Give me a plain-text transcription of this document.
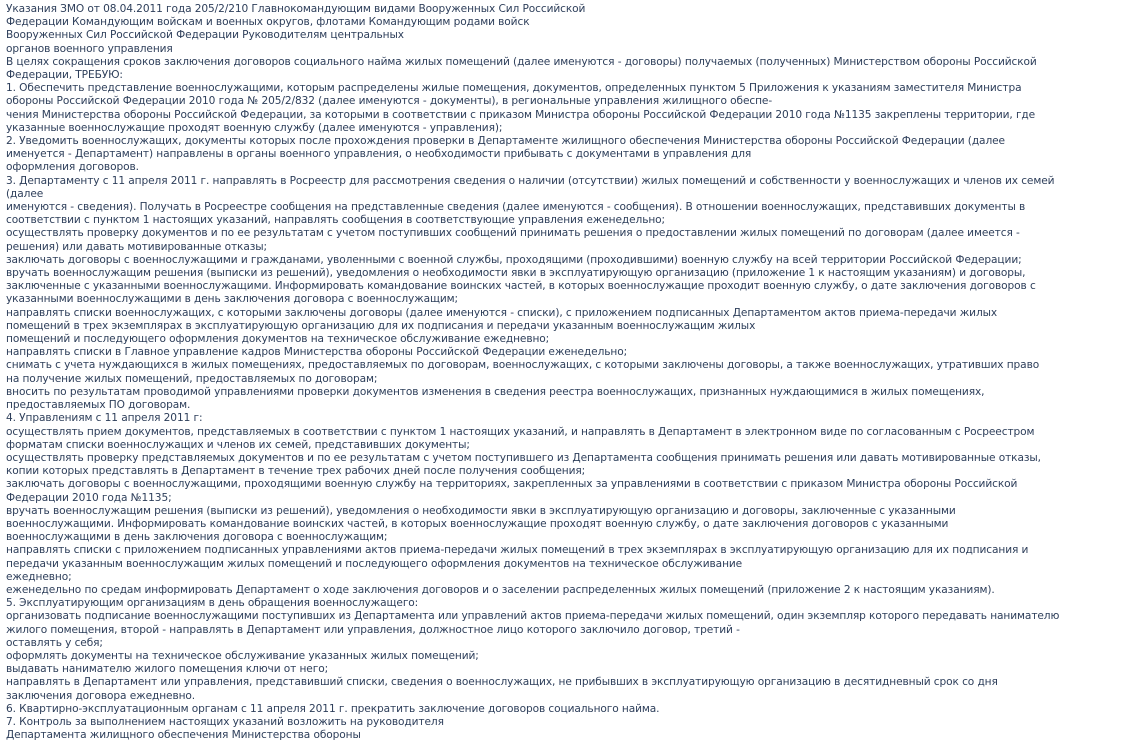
Указания ЗМО от 08.04.2011 года 205/2/210 Главнокомандующим видами Вооруженных Сил Российской
Федерации Командующим войскам и военных округов, флотами Командующим родами войск
Вооруженных Сил Российской Федерации Руководителям центральных
органов военного управления
В целях сокращения сроков заключения договоров социального найма жилых помещений (далее именуются - договоры) получаемых (полученных) Министерством обороны Российской
Федерации, ТРЕБУЮ:
1. Обеспечить представление военнослужащими, которым распределены жилые помещения, документов, определенных пунктом 5 Приложения к указаниям заместителя Министра
обороны Российской Федерации 2010 года № 205/2/832 (далее именуются - документы), в региональные управления жилищного обеспе-
чения Министерства обороны Российской Федерации, за которыми в соответствии с приказом Министра обороны Российской Федерации 2010 года №1135 закреплены территории, где
указанные военнослужащие проходят военную службу (далее именуются - управления);
2. Уведомить военнослужащих, документы которых после прохождения проверки в Департаменте жилищного обеспечения Министерства обороны Российской Федерации (далее
именуется - Департамент) направлены в органы военного управления, о необходимости прибывать с документами в управления для
оформления договоров.
3. Департаменту с 11 апреля 2011 г. направлять в Росреестр для рассмотрения сведения о наличии (отсутствии) жилых помещений и собственности у военнослужащих и членов их семей
(далее
именуются - сведения). Получать в Росреестре сообщения на представленные сведения (далее именуются - сообщения). В отношении военнослужащих, представивших документы в
соответствии с пунктом 1 настоящих указаний, направлять сообщения в соответствующие управления еженедельно;
осуществлять проверку документов и по ее результатам с учетом поступивших сообщений принимать решения о предоставлении жилых помещений по договорам (далее имеется -
решения) или давать мотивированные отказы;
заключать договоры с военнослужащими и гражданами, уволенными с военной службы, проходящими (проходившими) военную службу на всей территории Российской Федерации;
вручать военнослужащим решения (выписки из решений), уведомления о необходимости явки в эксплуатирующую организацию (приложение 1 к настоящим указаниям) и договоры,
заключенные с указанными военнослужащими. Информировать командование воинских частей, в которых военнослужащие проходит военную службу, о дате заключения договоров с
указанными военнослужащими в день заключения договора с военнослужащим;
направлять списки военнослужащих, с которыми заключены договоры (далее именуются - списки), с приложением подписанных Департаментом актов приема-передачи жилых
помещений в трех экземплярах в эксплуатирующую организацию для их подписания и передачи указанным военнослужащим жилых
помещений и последующего оформления документов на техническое обслуживание ежедневно;
направлять списки в Главное управление кадров Министерства обороны Российской Федерации еженедельно;
снимать с учета нуждающихся в жилых помещениях, предоставляемых по договорам, военнослужащих, с которыми заключены договоры, а также военнослужащих, утративших право
на получение жилых помещений, предоставляемых по договорам;
вносить по результатам проводимой управлениями проверки документов изменения в сведения реестра военнослужащих, признанных нуждающимися в жилых помещениях,
предоставляемых ПО договорам.
4. Управлениям с 11 апреля 2011 г:
осуществлять прием документов, представляемых в соответствии с пунктом 1 настоящих указаний, и направлять в Департамент в электронном виде по согласованным с Росреестром
форматам списки военнослужащих и членов их семей, представивших документы;
осуществлять проверку представляемых документов и по ее результатам с учетом поступившего из Департамента сообщения принимать решения или давать мотивированные отказы,
копии которых представлять в Департамент в течение трех рабочих дней после получения сообщения;
заключать договоры с военнослужащими, проходящими военную службу на территориях, закрепленных за управлениями в соответствии с приказом Министра обороны Российской
Федерации 2010 года №1135;
вручать военнослужащим решения (выписки из решений), уведомления о необходимости явки в эксплуатирующую организацию и договоры, заключенные с указанными
военнослужащими. Информировать командование воинских частей, в которых военнослужащие проходят военную службу, о дате заключения договоров с указанными
военнослужащими в день заключения договора с военнослужащим;
направлять списки с приложением подписанных управлениями актов приема-передачи жилых помещений в трех экземплярах в эксплуатирующую организацию для их подписания и
передачи указанным военнослужащим жилых помещений и последующего оформления документов на техническое обслуживание
ежедневно;
еженедельно по средам информировать Департамент о ходе заключения договоров и о заселении распределенных жилых помещений (приложение 2 к настоящим указаниям).
5. Эксплуатирующим организациям в день обращения военнослужащего:
организовать подписание военнослужащими поступивших из Департамента или управлений актов приема-передачи жилых помещений, один экземпляр которого передавать нанимателю
жилого помещения, второй - направлять в Департамент или управления, должностное лицо которого заключило договор, третий -
оставлять у себя;
оформлять документы на техническое обслуживание указанных жилых помещений;
выдавать нанимателю жилого помещения ключи от него;
направлять в Департамент или управления, представивший списки, сведения о военнослужащих, не прибывших в эксплуатирующую организацию в десятидневный срок со дня
заключения договора ежедневно.
6. Квартирно-эксплуатационным органам с 11 апреля 2011 г. прекратить заключение договоров социального найма.
7. Контроль за выполнением настоящих указаний возложить на руководителя
Департамента жилищного обеспечения Министерства обороны
